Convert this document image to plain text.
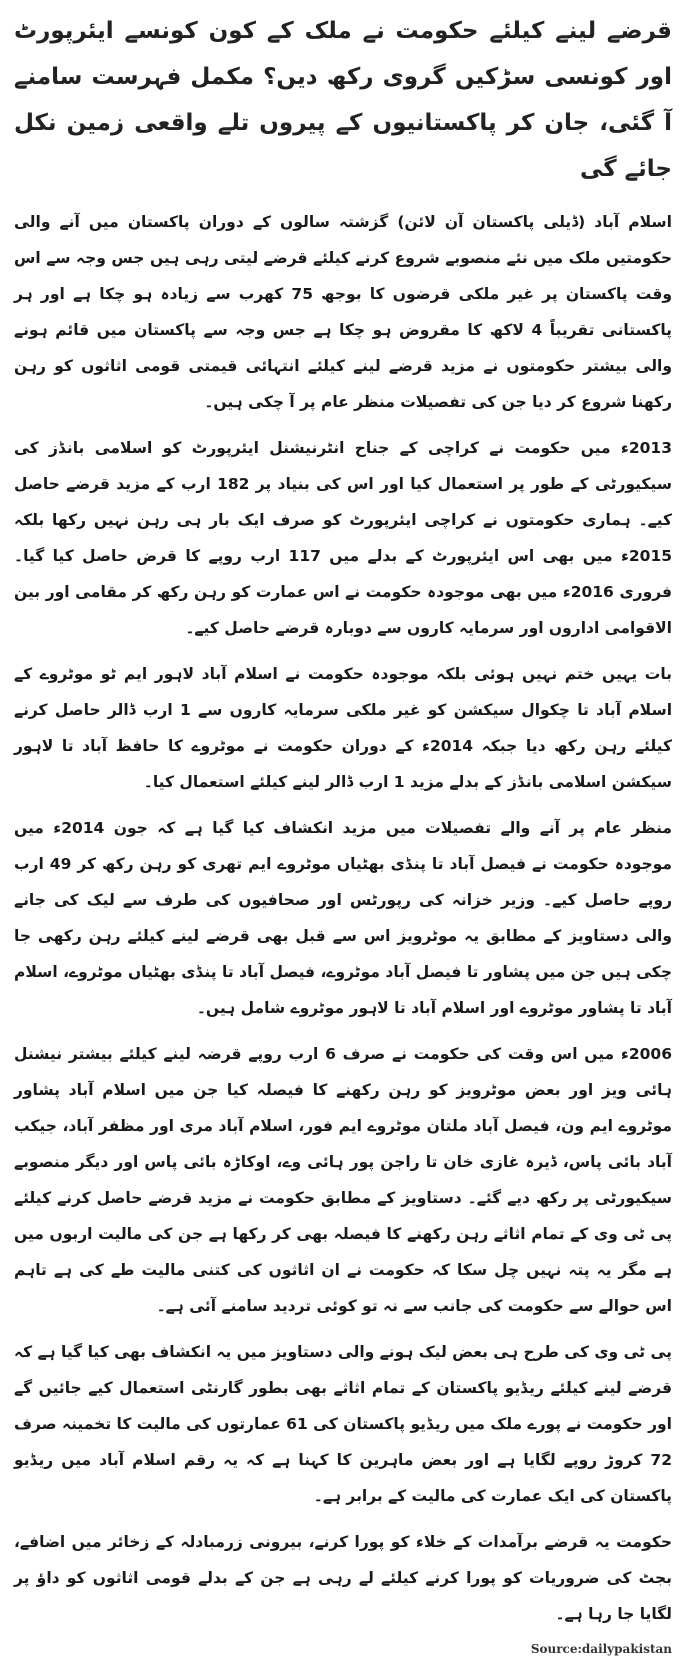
قرضے لینے کیلئے حکومت نے ملک کے کون کونسے ایئرپورٹ اور کونسی سڑکیں گروی رکھ دیں؟ مکمل فہرست سامنے آ گئی، جان کر پاکستانیوں کے پیروں تلے واقعی زمین نکل جائے گی

اسلام آباد (ڈیلی پاکستان آن لائن) گزشتہ سالوں کے دوران پاکستان میں آنے والی حکومتیں ملک میں نئے منصوبے شروع کرنے کیلئے قرضے لیتی رہی ہیں جس وجہ سے اس وقت پاکستان پر غیر ملکی قرضوں کا بوجھ 75 کھرب سے زیادہ ہو چکا ہے اور ہر پاکستانی تقریباً 4 لاکھ کا مقروض ہو چکا ہے جس وجہ سے پاکستان میں قائم ہونے والی بیشتر حکومتوں نے مزید قرضے لینے کیلئے انتہائی قیمتی قومی اثاثوں کو رہن رکھنا شروع کر دیا جن کی تفصیلات منظر عام پر آ چکی ہیں۔

2013ء میں حکومت نے کراچی کے جناح انٹرنیشنل ایئرپورٹ کو اسلامی بانڈز کی سیکیورٹی کے طور پر استعمال کیا اور اس کی بنیاد پر 182 ارب کے مزید قرضے حاصل کیے۔ ہماری حکومتوں نے کراچی ایئرپورٹ کو صرف ایک بار ہی رہن نہیں رکھا بلکہ 2015ء میں بھی اس ایئرپورٹ کے بدلے میں 117 ارب روپے کا قرض حاصل کیا گیا۔ فروری 2016ء میں بھی موجودہ حکومت نے اس عمارت کو رہن رکھ کر مقامی اور بین الاقوامی اداروں اور سرمایہ کاروں سے دوبارہ قرضے حاصل کیے۔

بات یہیں ختم نہیں ہوئی بلکہ موجودہ حکومت نے اسلام آباد لاہور ایم ٹو موٹروے کے اسلام آباد تا چکوال سیکشن کو غیر ملکی سرمایہ کاروں سے 1 ارب ڈالر حاصل کرنے کیلئے رہن رکھ دیا جبکہ 2014ء کے دوران حکومت نے موٹروے کا حافظ آباد تا لاہور سیکشن اسلامی بانڈز کے بدلے مزید 1 ارب ڈالر لینے کیلئے استعمال کیا۔

منظر عام پر آنے والے تفصیلات میں مزید انکشاف کیا گیا ہے کہ جون 2014ء میں موجودہ حکومت نے فیصل آباد تا پنڈی بھٹیاں موٹروے ایم تھری کو رہن رکھ کر 49 ارب روپے حاصل کیے۔ وزیر خزانہ کی رپورٹس اور صحافیوں کی طرف سے لیک کی جانے والی دستاویز کے مطابق یہ موٹرویز اس سے قبل بھی قرضے لینے کیلئے رہن رکھی جا چکی ہیں جن میں پشاور تا فیصل آباد موٹروے، فیصل آباد تا پنڈی بھٹیاں موٹروے، اسلام آباد تا پشاور موٹروے اور اسلام آباد تا لاہور موٹروے شامل ہیں۔

2006ء میں اس وقت کی حکومت نے صرف 6 ارب روپے قرضہ لینے کیلئے بیشتر نیشنل ہائی ویز اور بعض موٹرویز کو رہن رکھنے کا فیصلہ کیا جن میں اسلام آباد پشاور موٹروے ایم ون، فیصل آباد ملتان موٹروے ایم فور، اسلام آباد مری اور مظفر آباد، جیکب آباد بائی پاس، ڈیرہ غازی خان تا راجن پور ہائی وے، اوکاڑہ بائی پاس اور دیگر منصوبے سیکیورٹی پر رکھ دیے گئے۔ دستاویز کے مطابق حکومت نے مزید قرضے حاصل کرنے کیلئے پی ٹی وی کے تمام اثاثے رہن رکھنے کا فیصلہ بھی کر رکھا ہے جن کی مالیت اربوں میں ہے مگر یہ پتہ نہیں چل سکا کہ حکومت نے ان اثاثوں کی کتنی مالیت طے کی ہے تاہم اس حوالے سے حکومت کی جانب سے نہ تو کوئی تردید سامنے آئی ہے۔

پی ٹی وی کی طرح ہی بعض لیک ہونے والی دستاویز میں یہ انکشاف بھی کیا گیا ہے کہ قرضے لینے کیلئے ریڈیو پاکستان کے تمام اثاثے بھی بطور گارنٹی استعمال کیے جائیں گے اور حکومت نے پورے ملک میں ریڈیو پاکستان کی 61 عمارتوں کی مالیت کا تخمینہ صرف 72 کروڑ روپے لگایا ہے اور بعض ماہرین کا کہنا ہے کہ یہ رقم اسلام آباد میں ریڈیو پاکستان کی ایک عمارت کی مالیت کے برابر ہے۔

حکومت یہ قرضے برآمدات کے خلاء کو پورا کرنے، بیرونی زرمبادلہ کے زخائر میں اضافے، بجٹ کی ضروریات کو پورا کرنے کیلئے لے رہی ہے جن کے بدلے قومی اثاثوں کو داؤ پر لگایا جا رہا ہے۔

Source:dailypakistan
